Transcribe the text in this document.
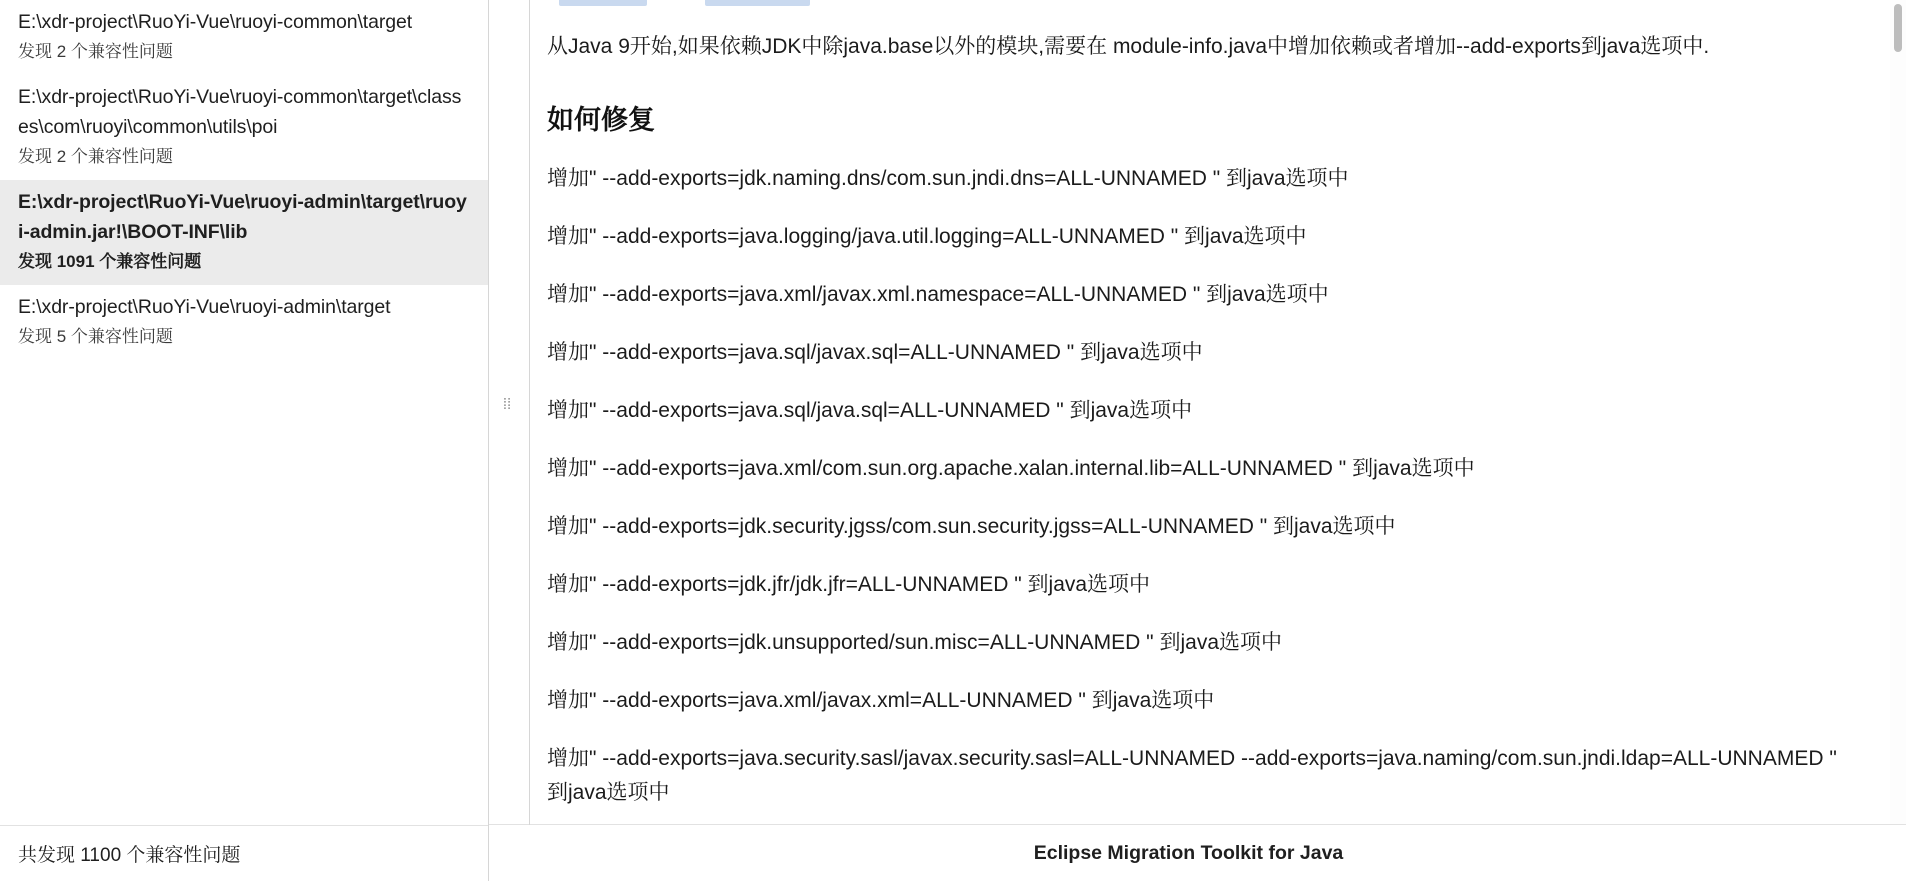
E:\xdr-project\RuoYi-Vue\ruoyi-common\target
发现 2 个兼容性问题
E:\xdr-project\RuoYi-Vue\ruoyi-common\target\classes\com\ruoyi\common\utils\poi
发现 2 个兼容性问题
E:\xdr-project\RuoYi-Vue\ruoyi-admin\target\ruoyi-admin.jar!\BOOT-INF\lib
发现 1091 个兼容性问题
E:\xdr-project\RuoYi-Vue\ruoyi-admin\target
发现 5 个兼容性问题
共发现 1100 个兼容性问题
⁞⁞

从Java 9开始,如果依赖JDK中除java.base以外的模块,需要在 module-info.java中增加依赖或者增加--add-exports到java选项中.

如何修复

增加" --add-exports=jdk.naming.dns/com.sun.jndi.dns=ALL-UNNAMED " 到java选项中

增加" --add-exports=java.logging/java.util.logging=ALL-UNNAMED " 到java选项中

增加" --add-exports=java.xml/javax.xml.namespace=ALL-UNNAMED " 到java选项中

增加" --add-exports=java.sql/javax.sql=ALL-UNNAMED " 到java选项中

增加" --add-exports=java.sql/java.sql=ALL-UNNAMED " 到java选项中

增加" --add-exports=java.xml/com.sun.org.apache.xalan.internal.lib=ALL-UNNAMED " 到java选项中

增加" --add-exports=jdk.security.jgss/com.sun.security.jgss=ALL-UNNAMED " 到java选项中

增加" --add-exports=jdk.jfr/jdk.jfr=ALL-UNNAMED " 到java选项中

增加" --add-exports=jdk.unsupported/sun.misc=ALL-UNNAMED " 到java选项中

增加" --add-exports=java.xml/javax.xml=ALL-UNNAMED " 到java选项中

增加" --add-exports=java.security.sasl/javax.security.sasl=ALL-UNNAMED --add-exports=java.naming/com.sun.jndi.ldap=ALL-UNNAMED " 到java选项中

Eclipse Migration Toolkit for Java
